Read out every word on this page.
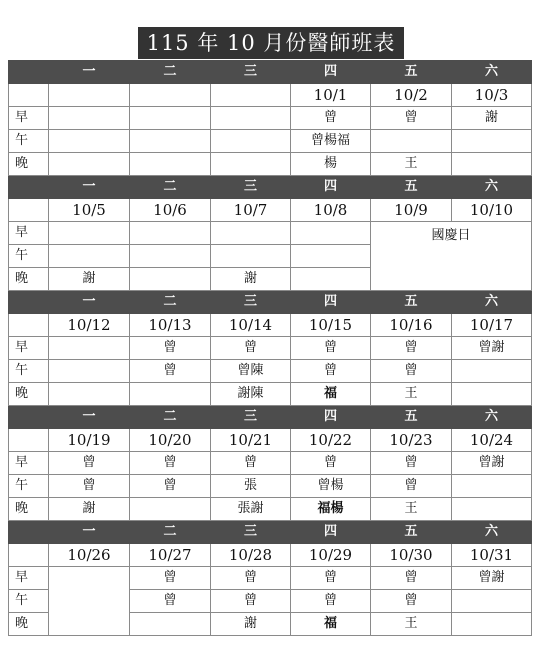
115 年 10 月份醫師班表
	一	二	三	四	五	六
				10/1	10/2	10/3
早				曾	曾	謝
午				曾楊福		
晚				楊	王	
	一	二	三	四	五	六
	10/5	10/6	10/7	10/8	10/9	10/10
早					國慶日	
午						
晚	謝		謝			
	一	二	三	四	五	六
	10/12	10/13	10/14	10/15	10/16	10/17
早		曾	曾	曾	曾	曾謝
午		曾	曾陳	曾	曾	
晚			謝陳	福	王	
	一	二	三	四	五	六
	10/19	10/20	10/21	10/22	10/23	10/24
早	曾	曾	曾	曾	曾	曾謝
午	曾	曾	張	曾楊	曾	
晚	謝		張謝	福楊	王	
	一	二	三	四	五	六
	10/26	10/27	10/28	10/29	10/30	10/31
早		曾	曾	曾	曾	曾謝
午		曾	曾	曾	曾	
晚			謝	福	王	
